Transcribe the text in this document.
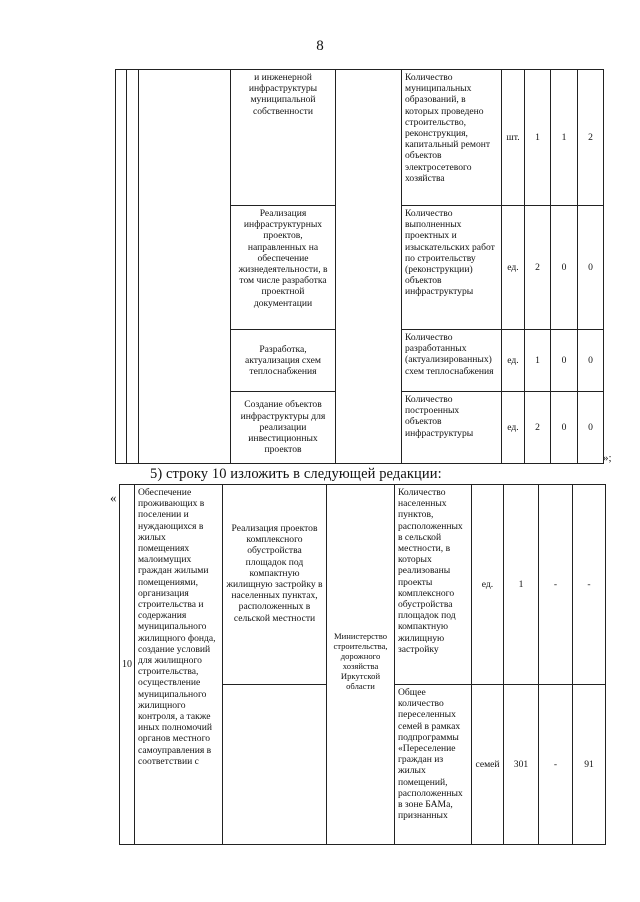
8
			и инженерной инфраструктуры муниципальной собственности		Количество муниципальных образований, в которых проведено строительство, реконструкция, капитальный ремонт объектов электросетевого хозяйства	шт.	1	1	2
			Реализация инфраструктурных проектов, направленных на обеспечение жизнедеятельности, в том числе разработка проектной документации		Количество выполненных проектных и изыскательских работ по строительству (реконструкции) объектов инфраструктуры	ед.	2	0	0
			Разработка, актуализация схем теплоснабжения		Количество разработанных (актуализированных) схем теплоснабжения	ед.	1	0	0
			Создание объектов инфраструктуры для реализации инвестиционных проектов		Количество построенных объектов инфраструктуры	ед.	2	0	0
»;
5) строку 10 изложить в следующей редакции:
«
10	Обеспечение проживающих в поселении и нуждающихся в жилых помещениях малоимущих граждан жилыми помещениями, организация строительства и содержания муниципального жилищного фонда, создание условий для жилищного строительства, осуществление муниципального жилищного контроля, а также иных полномочий органов местного самоуправления в соответствии с	Реализация проектов комплексного обустройства площадок под компактную жилищную застройку в населенных пунктах, расположенных в сельской местности	Министерство строительства, дорожного хозяйства Иркутской области	Количество населенных пунктов, расположенных в сельской местности, в которых реализованы проекты комплексного обустройства площадок под компактную жилищную застройку	ед.	1	-	-
				Общее количество переселенных семей в рамках подпрограммы «Переселение граждан из жилых помещений, расположенных в зоне БАМа, признанных	семей	301	-	91
